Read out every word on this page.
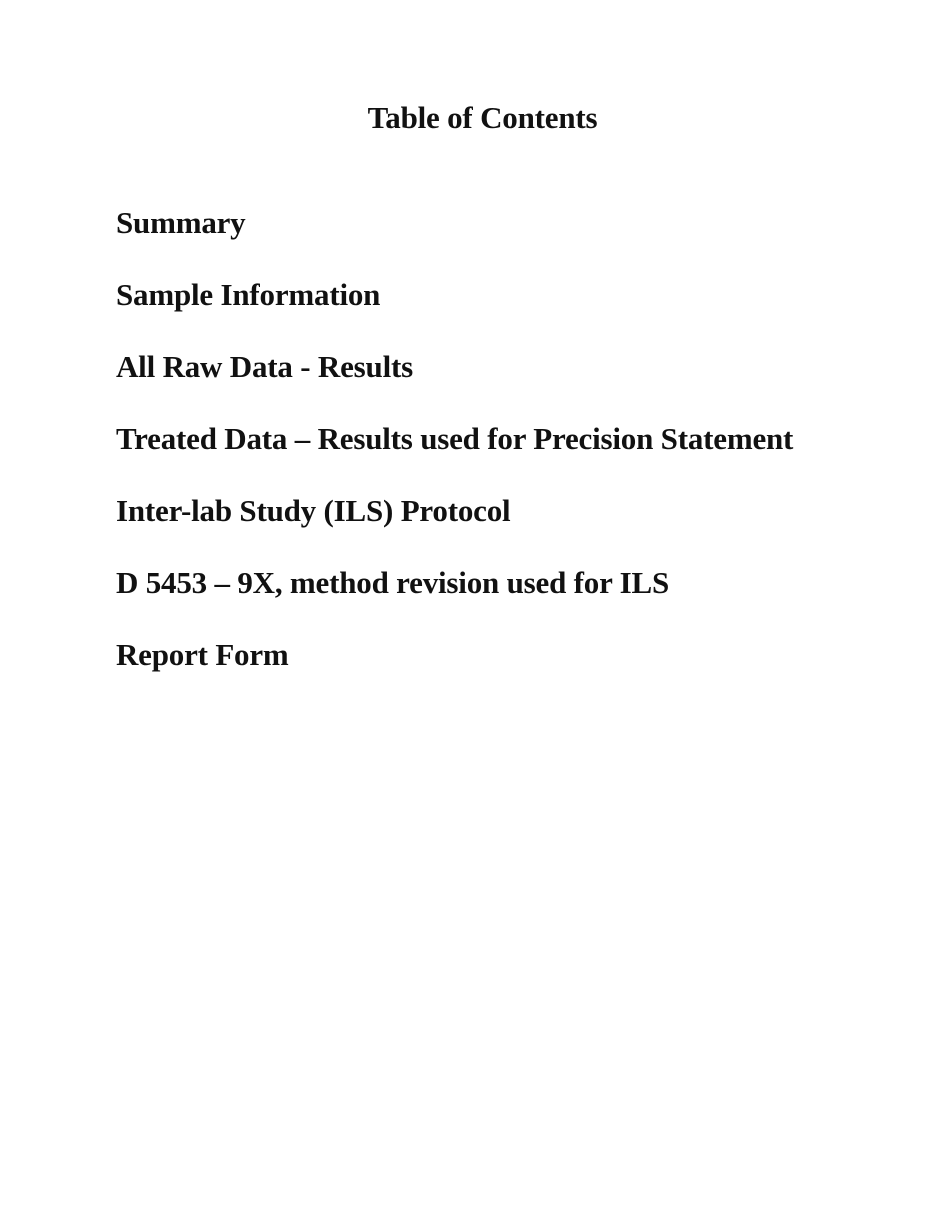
Table of Contents
Summary
Sample Information
All Raw Data - Results
Treated Data – Results used for Precision Statement
Inter-lab Study (ILS) Protocol
D 5453 – 9X, method revision used for ILS
Report Form
